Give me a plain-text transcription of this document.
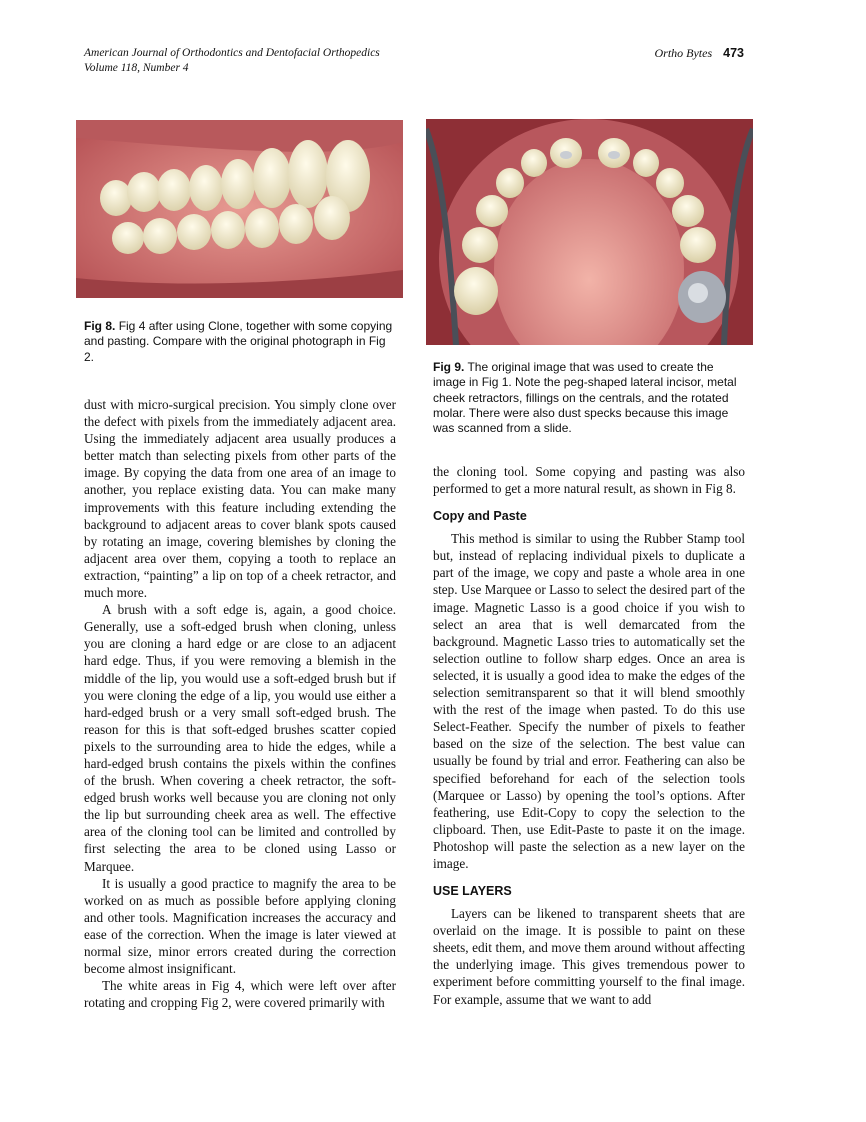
American Journal of Orthodontics and Dentofacial Orthopedics
Volume 118, Number 4
Ortho Bytes 473
Fig 8. Fig 4 after using Clone, together with some copying and pasting. Compare with the original photograph in Fig 2.
Fig 9. The original image that was used to create the image in Fig 1. Note the peg-shaped lateral incisor, metal cheek retractors, fillings on the centrals, and the rotated molar. There were also dust specks because this image was scanned from a slide.

dust with micro-surgical precision. You simply clone over the defect with pixels from the immediately adjacent area. Using the immediately adjacent area usually produces a better match than selecting pixels from other parts of the image. By copying the data from one area of an image to another, you replace existing data. You can make many improvements with this feature including extending the background to adjacent areas to cover blank spots caused by rotating an image, covering blemishes by cloning the adjacent area over them, copying a tooth to replace an extraction, “painting” a lip on top of a cheek retractor, and much more.

A brush with a soft edge is, again, a good choice. Generally, use a soft-edged brush when cloning, unless you are cloning a hard edge or are close to an adjacent hard edge. Thus, if you were removing a blemish in the middle of the lip, you would use a soft-edged brush but if you were cloning the edge of a lip, you would use either a hard-edged brush or a very small soft-edged brush. The reason for this is that soft-edged brushes scatter copied pixels to the surrounding area to hide the edges, while a hard-edged brush contains the pixels within the confines of the brush. When covering a cheek retractor, the soft-edged brush works well because you are cloning not only the lip but surrounding cheek area as well. The effective area of the cloning tool can be limited and controlled by first selecting the area to be cloned using Lasso or Marquee.

It is usually a good practice to magnify the area to be worked on as much as possible before applying cloning and other tools. Magnification increases the accuracy and ease of the correction. When the image is later viewed at normal size, minor errors created during the correction become almost insignificant.

The white areas in Fig 4, which were left over after rotating and cropping Fig 2, were covered primarily with

the cloning tool. Some copying and pasting was also performed to get a more natural result, as shown in Fig 8.

Copy and Paste

This method is similar to using the Rubber Stamp tool but, instead of replacing individual pixels to duplicate a part of the image, we copy and paste a whole area in one step. Use Marquee or Lasso to select the desired part of the image. Magnetic Lasso is a good choice if you wish to select an area that is well demarcated from the background. Magnetic Lasso tries to automatically set the selection outline to follow sharp edges. Once an area is selected, it is usually a good idea to make the edges of the selection semitransparent so that it will blend smoothly with the rest of the image when pasted. To do this use Select-Feather. Specify the number of pixels to feather based on the size of the selection. The best value can usually be found by trial and error. Feathering can also be specified beforehand for each of the selection tools (Marquee or Lasso) by opening the tool’s options. After feathering, use Edit-Copy to copy the selection to the clipboard. Then, use Edit-Paste to paste it on the image. Photoshop will paste the selection as a new layer on the image.

USE LAYERS

Layers can be likened to transparent sheets that are overlaid on the image. It is possible to paint on these sheets, edit them, and move them around without affecting the underlying image. This gives tremendous power to experiment before committing yourself to the final image. For example, assume that we want to add
